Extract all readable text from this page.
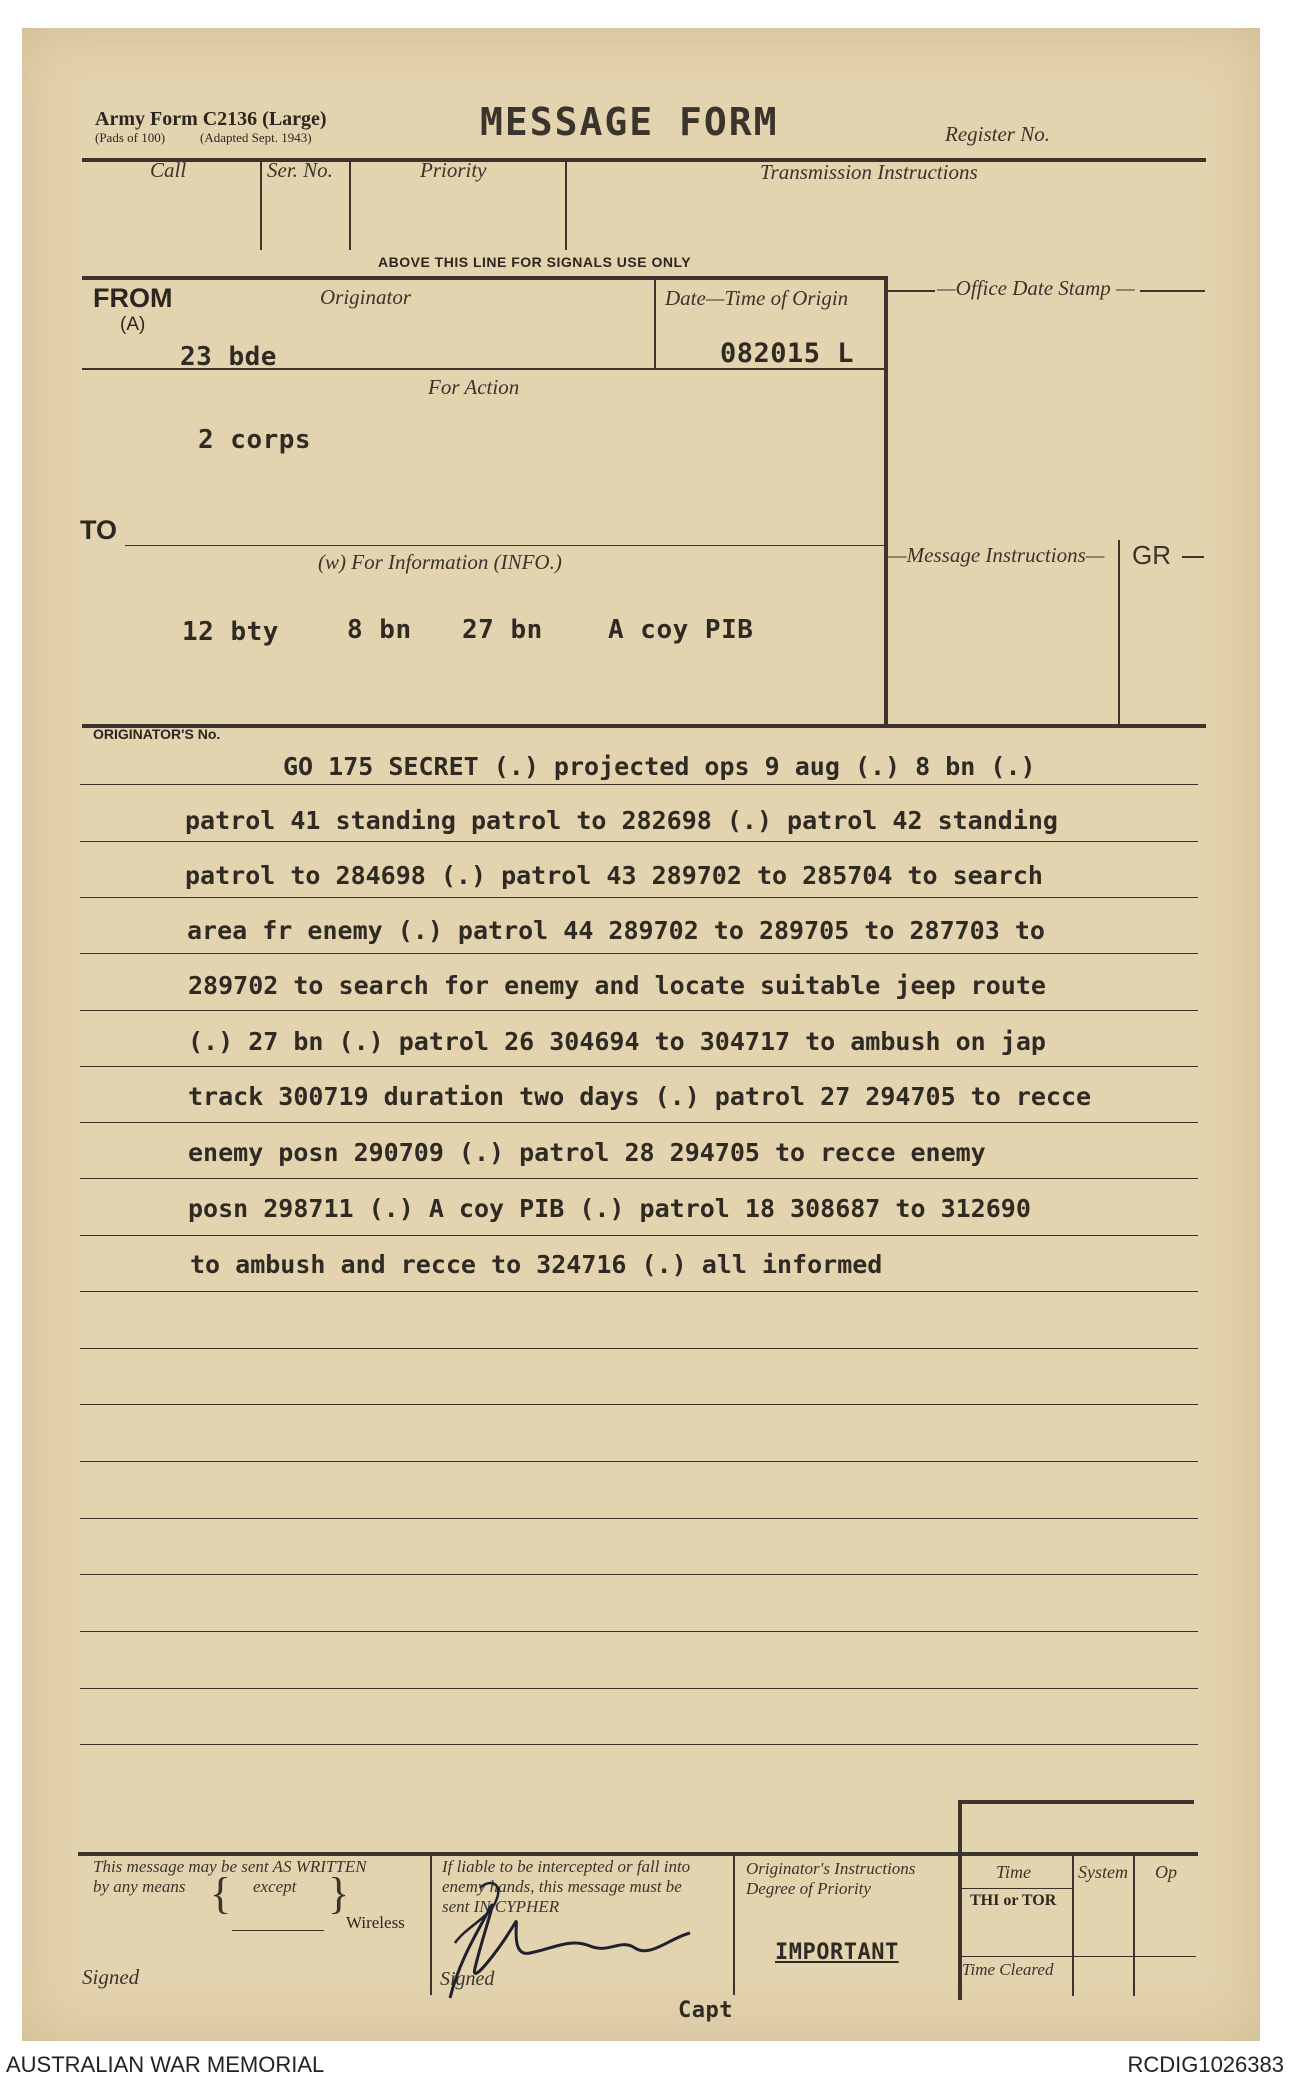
Army Form C2136 (Large)
(Pads of 100)	(Adapted Sept. 1943)	MESSAGE FORM	Register No.
Call	Ser. No.	Priority	Transmission Instructions
ABOVE THIS LINE FOR SIGNALS USE ONLY
—Office Date Stamp —
FROM
(A)
Originator
23 bde
Date—Time of Origin
082015 L
For Action
2 corps
TO
(w) For Information (INFO.)
12 bty	8 bn 27 bn	A coy PIB
—Message Instructions— GR
ORIGINATOR'S No.
GO 175 SECRET (.) projected ops 9 aug (.) 8 bn (.)
patrol 41 standing patrol to 282698 (.) patrol 42 standing
patrol to 284698 (.) patrol 43 289702 to 285704 to search
area fr enemy (.) patrol 44 289702 to 289705 to 287703 to
289702 to search for enemy and locate suitable jeep route
(.) 27 bn (.) patrol 26 304694 to 304717 to ambush on jap
track 300719 duration two days (.) patrol 27 294705 to recce
enemy posn 290709 (.) patrol 28 294705 to recce enemy
posn 298711 (.) A coy PIB (.) patrol 18 308687 to 312690
to ambush and recce to 324716 (.) all informed
This message may be sent AS WRITTEN
by any means	except
{ }
Wireless
Signed
If liable to be intercepted or fall into
enemy hands, this message must be
sent IN CYPHER
Signed
Originator's Instructions
Degree of Priority
IMPORTANT
Capt
Time	System Op
THI or TOR
Time Cleared
AUSTRALIAN WAR MEMORIAL	RCDIG1026383
